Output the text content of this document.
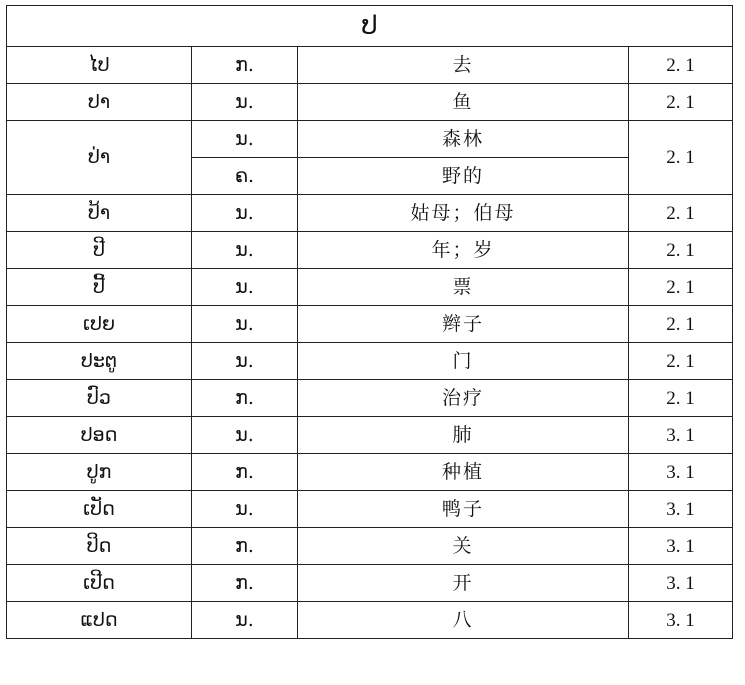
ປ			
ໄປ	ກ.	去	2. 1
ປາ	ນ.	鱼	2. 1
ປ່າ	ນ.	森林	2. 1
	ຄ.	野的	
ປ້າ	ນ.	姑母；伯母	2. 1
ປີ	ນ.	年；岁	2. 1
ປີ້	ນ.	票	2. 1
ເປຍ	ນ.	辫子	2. 1
ປະຕູ	ນ.	门	2. 1
ປົວ	ກ.	治疗	2. 1
ປອດ	ນ.	肺	3. 1
ປູກ	ກ.	种植	3. 1
ເປັດ	ນ.	鸭子	3. 1
ປິດ	ກ.	关	3. 1
ເປີດ	ກ.	开	3. 1
ແປດ	ນ.	八	3. 1
